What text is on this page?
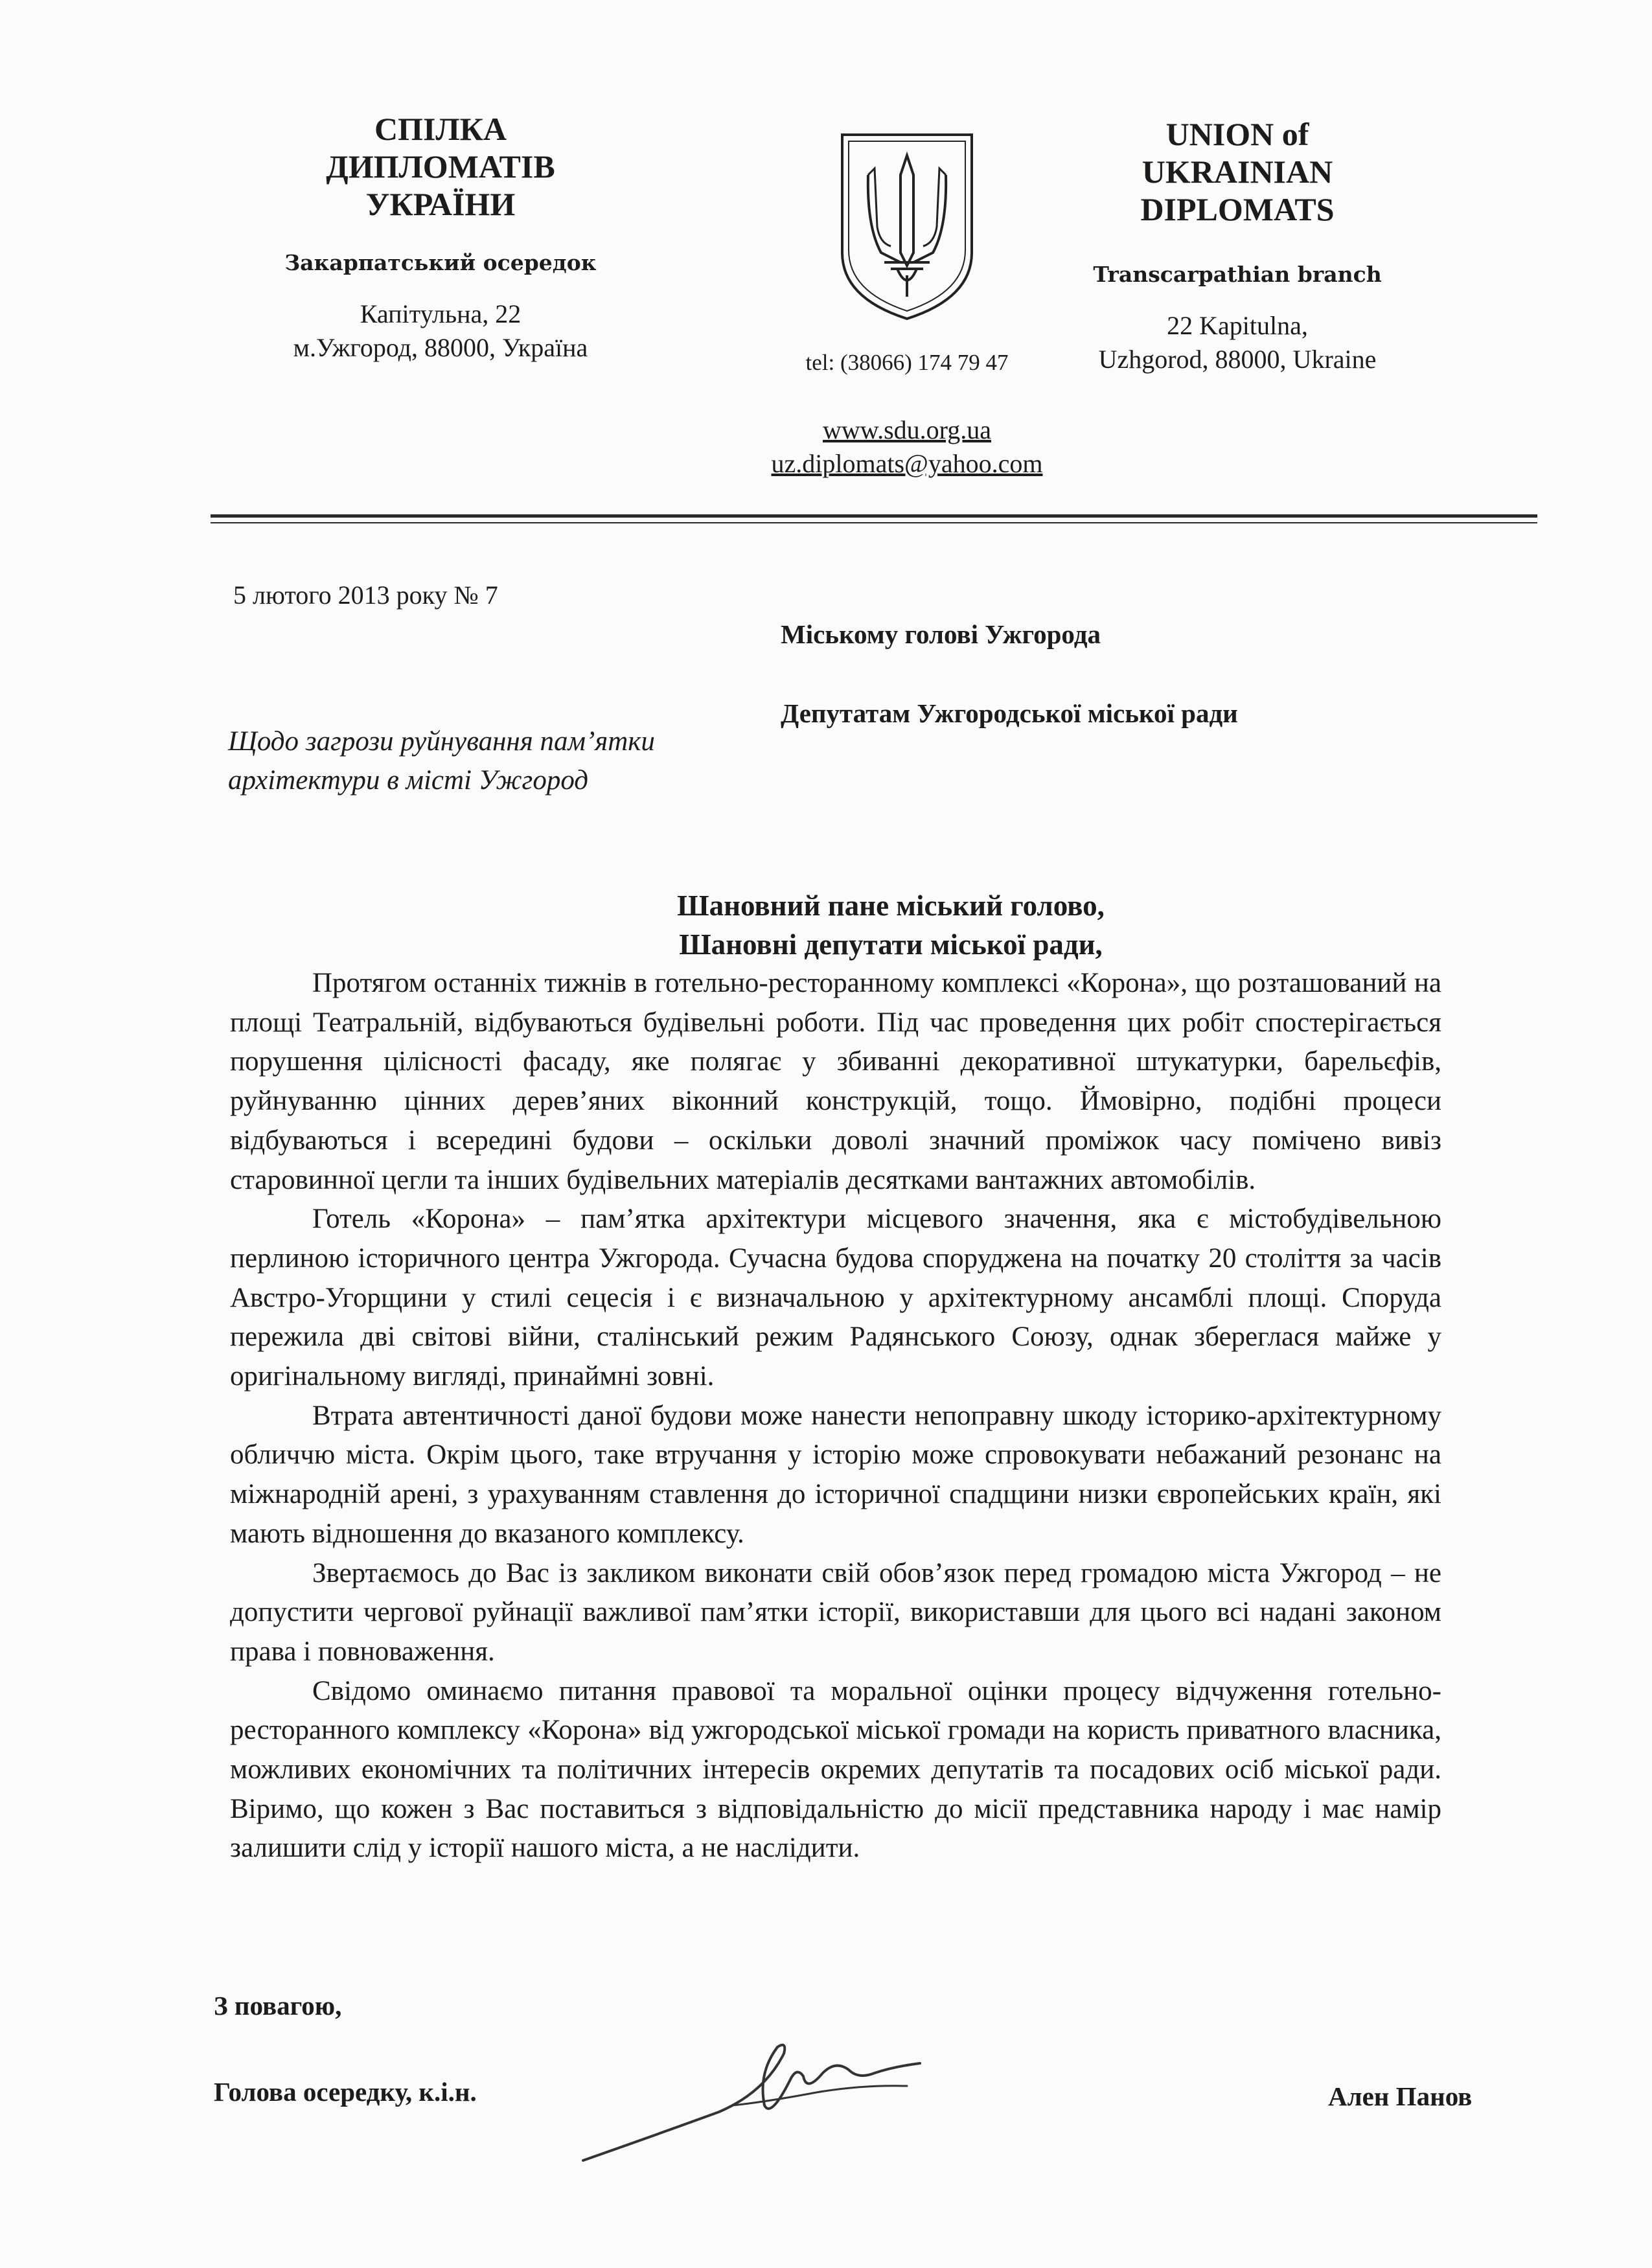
СПІЛКА
ДИПЛОМАТІВ
УКРАЇНИ
Закарпатський осередок
Капітульна, 22
м.Ужгород, 88000, Україна
tel: (38066) 174 79 47
www.sdu.org.ua
uz.diplomats@yahoo.com
UNION of
UKRAINIAN
DIPLOMATS
Transcarpathian branch
22 Kapitulna,
Uzhgorod, 88000, Ukraine
5 лютого 2013 року № 7
Міському голові Ужгорода
Депутатам Ужгородської міської ради
Щодо загрози руйнування пам’ятки
архітектури в місті Ужгород
Шановний пане міський голово,
Шановні депутати міської ради,

Протягом останніх тижнів в готельно-ресторанному комплексі «Корона», що розташований на площі Театральній, відбуваються будівельні роботи. Під час проведення цих робіт спостерігається порушення цілісності фасаду, яке полягає у збиванні декоративної штукатурки, барельєфів, руйнуванню цінних дерев’яних віконний конструкцій, тощо. Ймовірно, подібні процеси відбуваються і всередині будови – оскільки доволі значний проміжок часу помічено вивіз старовинної цегли та інших будівельних матеріалів десятками вантажних автомобілів.

Готель «Корона» – пам’ятка архітектури місцевого значення, яка є містобудівельною перлиною історичного центра Ужгорода. Сучасна будова споруджена на початку 20 століття за часів Австро-Угорщини у стилі сецесія і є визначальною у архітектурному ансамблі площі. Споруда пережила дві світові війни, сталінський режим Радянського Союзу, однак збереглася майже у оригінальному вигляді, принаймні зовні.

Втрата автентичності даної будови може нанести непоправну шкоду історико-архітектурному обличчю міста. Окрім цього, таке втручання у історію може спровокувати небажаний резонанс на міжнародній арені, з урахуванням ставлення до історичної спадщини низки європейських країн, які мають відношення до вказаного комплексу.

Звертаємось до Вас із закликом виконати свій обов’язок перед громадою міста Ужгород – не допустити чергової руйнації важливої пам’ятки історії, використавши для цього всі надані законом права і повноваження.

Свідомо оминаємо питання правової та моральної оцінки процесу відчуження готельно-ресторанного комплексу «Корона» від ужгородської міської громади на користь приватного власника, можливих економічних та політичних інтересів окремих депутатів та посадових осіб міської ради. Віримо, що кожен з Вас поставиться з відповідальністю до місії представника народу і має намір залишити слід у історії нашого міста, а не наслідити.

З повагою,
Голова осередку, к.і.н.	Ален Панов
